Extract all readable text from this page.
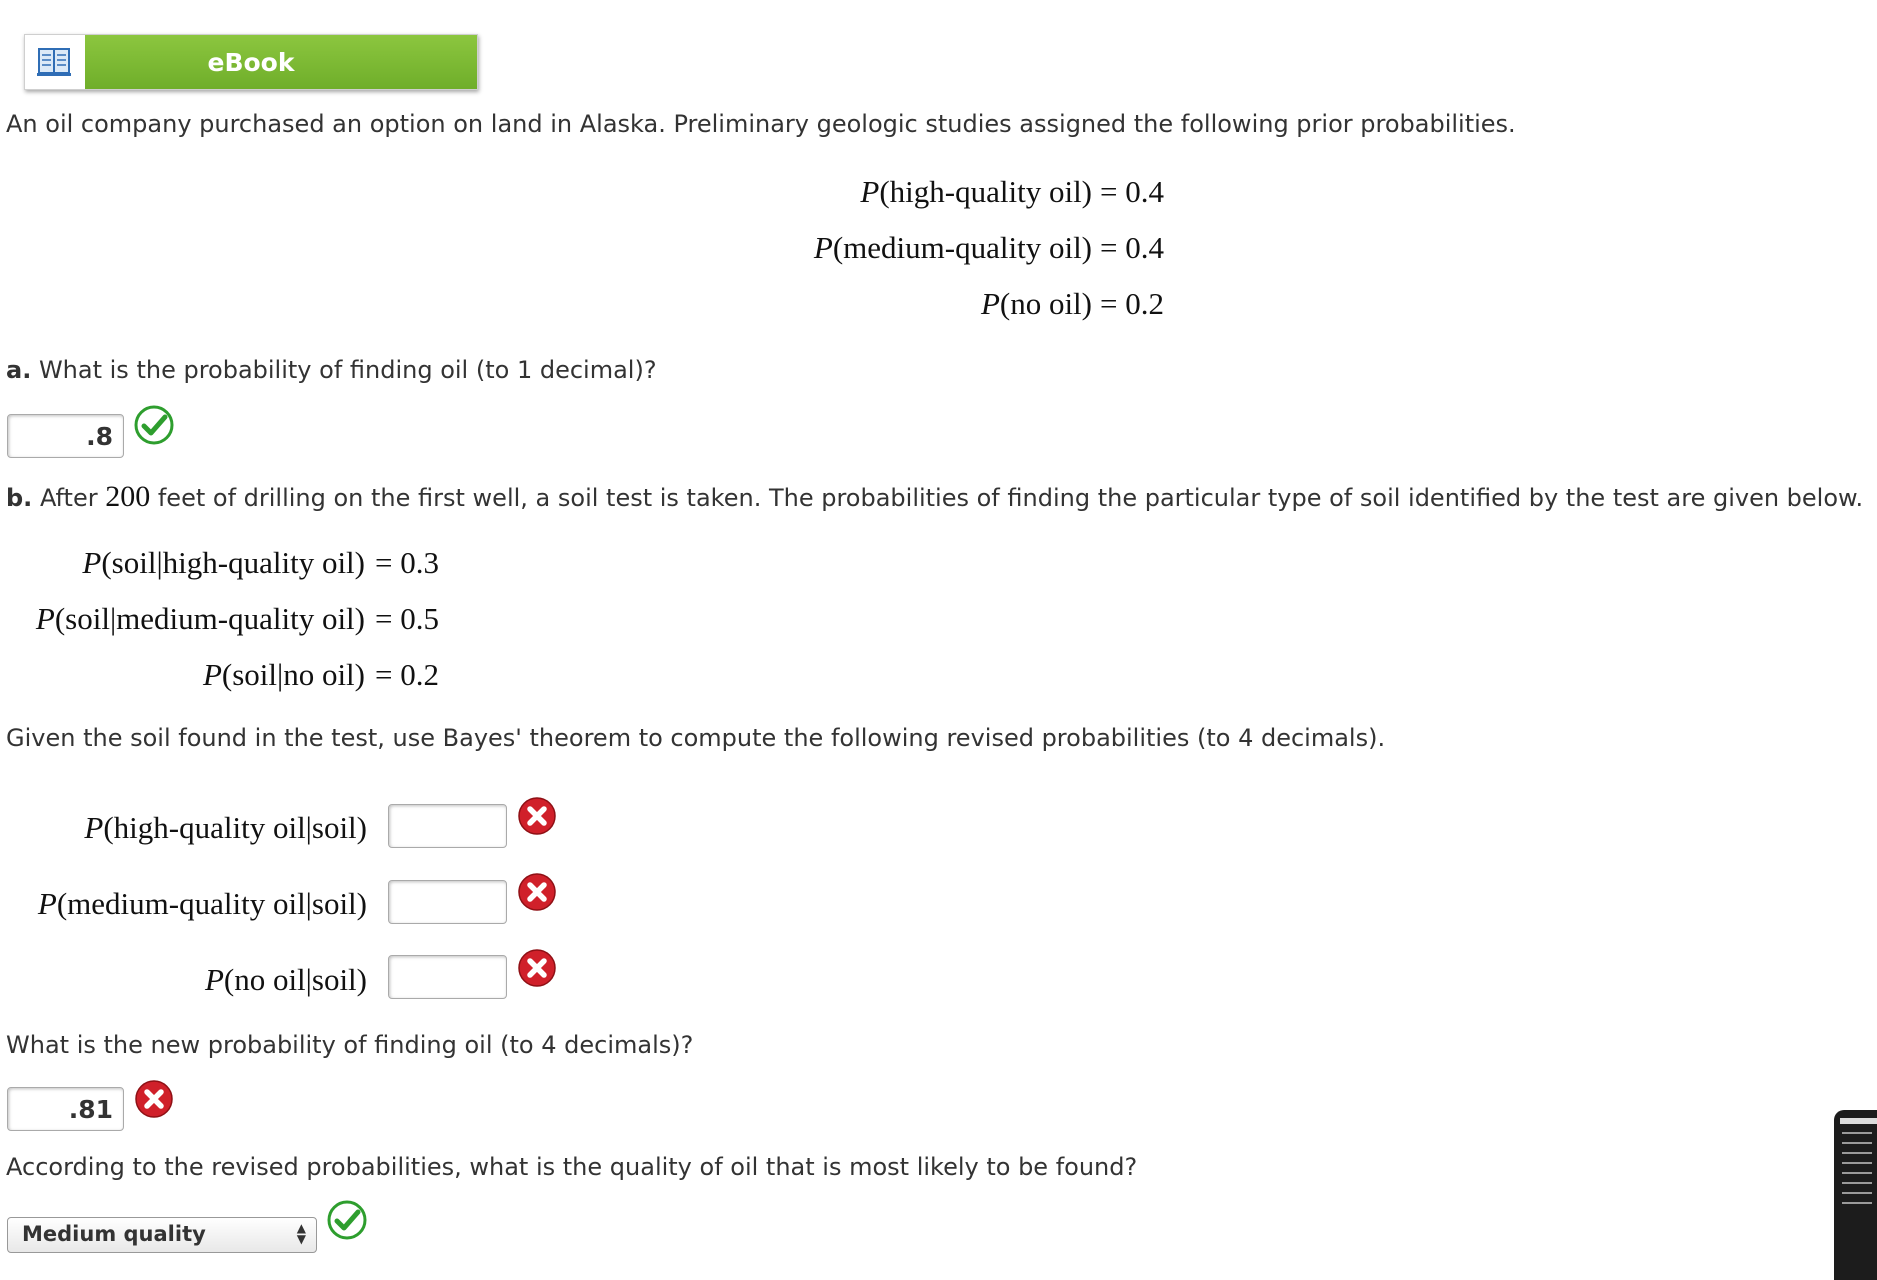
eBook
An oil company purchased an option on land in Alaska. Preliminary geologic studies assigned the following prior probabilities.
P(high-quality oil) = 0.4
P(medium-quality oil) = 0.4
P(no oil) = 0.2
a. What is the probability of finding oil (to 1 decimal)?
.8
b. After 200 feet of drilling on the first well, a soil test is taken. The probabilities of finding the particular type of soil identified by the test are given below.
P(soil|high-quality oil) = 0.3
P(soil|medium-quality oil) = 0.5
P(soil|no oil) = 0.2
Given the soil found in the test, use Bayes' theorem to compute the following revised probabilities (to 4 decimals).
P(high-quality oil|soil)
P(medium-quality oil|soil)
P(no oil|soil)
What is the new probability of finding oil (to 4 decimals)?
.81
According to the revised probabilities, what is the quality of oil that is most likely to be found?
Medium quality	▲
▼
